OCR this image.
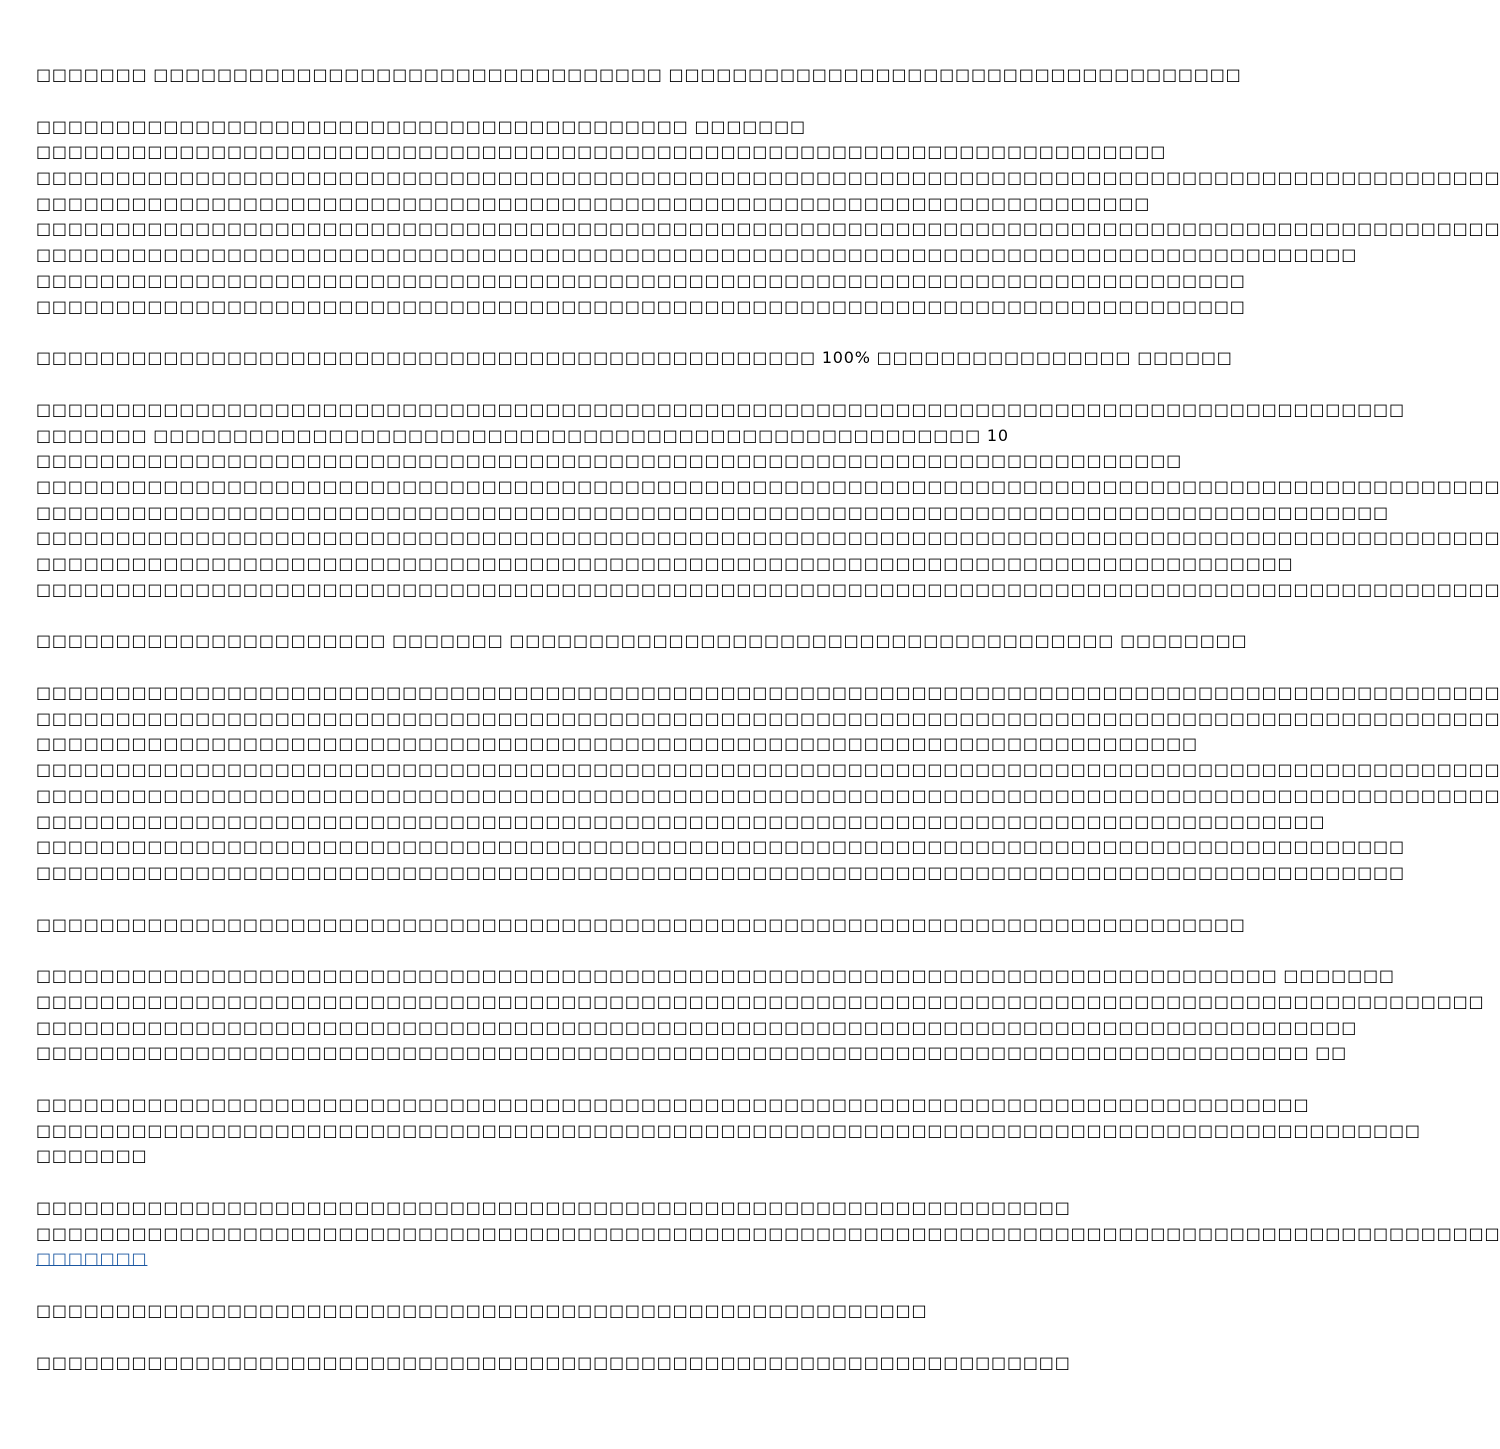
□□□□□□□ □□□□□□□□□□□□□□□□□□□□□□□□□□□□□□□□ □□□□□□□□□□□□□□□□□□□□□□□□□□□□□□□□□□□□
□□□□□□□□□□□□□□□□□□□□□□□□□□□□□□□□□□□□□□□□□ □□□□□□□
□□□□□□□□□□□□□□□□□□□□□□□□□□□□□□□□□□□□□□□□□□□□□□□□□□□□□□□□□□□□□□□□□□□□□□□
□□□□□□□□□□□□□□□□□□□□□□□□□□□□□□□□□□□□□□□□□□□□□□□□□□□□□□□□□□□□□□□□□□□□□□□□□□□□□□□□□□□□□□□□□□□□
□□□□□□□□□□□□□□□□□□□□□□□□□□□□□□□□□□□□□□□□□□□□□□□□□□□□□□□□□□□□□□□□□□□□□□
□□□□□□□□□□□□□□□□□□□□□□□□□□□□□□□□□□□□□□□□□□□□□□□□□□□□□□□□□□□□□□□□□□□□□□□□□□□□□□□□□□□□□□□□□□□□
□□□□□□□□□□□□□□□□□□□□□□□□□□□□□□□□□□□□□□□□□□□□□□□□□□□□□□□□□□□□□□□□□□□□□□□□□□□□□□□□□□□
□□□□□□□□□□□□□□□□□□□□□□□□□□□□□□□□□□□□□□□□□□□□□□□□□□□□□□□□□□□□□□□□□□□□□□□□□□□□
□□□□□□□□□□□□□□□□□□□□□□□□□□□□□□□□□□□□□□□□□□□□□□□□□□□□□□□□□□□□□□□□□□□□□□□□□□□□
□□□□□□□□□□□□□□□□□□□□□□□□□□□□□□□□□□□□□□□□□□□□□□□□□ 100% □□□□□□□□□□□□□□□□ □□□□□□
□□□□□□□□□□□□□□□□□□□□□□□□□□□□□□□□□□□□□□□□□□□□□□□□□□□□□□□□□□□□□□□□□□□□□□□□□□□□□□□□□□□□□□
□□□□□□□ □□□□□□□□□□□□□□□□□□□□□□□□□□□□□□□□□□□□□□□□□□□□□□□□□□□□ 10
□□□□□□□□□□□□□□□□□□□□□□□□□□□□□□□□□□□□□□□□□□□□□□□□□□□□□□□□□□□□□□□□□□□□□□□□
□□□□□□□□□□□□□□□□□□□□□□□□□□□□□□□□□□□□□□□□□□□□□□□□□□□□□□□□□□□□□□□□□□□□□□□□□□□□□□□□□□□□□□□□□□□□
□□□□□□□□□□□□□□□□□□□□□□□□□□□□□□□□□□□□□□□□□□□□□□□□□□□□□□□□□□□□□□□□□□□□□□□□□□□□□□□□□□□□□
□□□□□□□□□□□□□□□□□□□□□□□□□□□□□□□□□□□□□□□□□□□□□□□□□□□□□□□□□□□□□□□□□□□□□□□□□□□□□□□□□□□□□□□□□□□□
□□□□□□□□□□□□□□□□□□□□□□□□□□□□□□□□□□□□□□□□□□□□□□□□□□□□□□□□□□□□□□□□□□□□□□□□□□□□□□□
□□□□□□□□□□□□□□□□□□□□□□□□□□□□□□□□□□□□□□□□□□□□□□□□□□□□□□□□□□□□□□□□□□□□□□□□□□□□□□□□□□□□□□□□□□□□
□□□□□□□□□□□□□□□□□□□□□□ □□□□□□□ □□□□□□□□□□□□□□□□□□□□□□□□□□□□□□□□□□□□□□ □□□□□□□□
□□□□□□□□□□□□□□□□□□□□□□□□□□□□□□□□□□□□□□□□□□□□□□□□□□□□□□□□□□□□□□□□□□□□□□□□□□□□□□□□□□□□□□□□□□□□
□□□□□□□□□□□□□□□□□□□□□□□□□□□□□□□□□□□□□□□□□□□□□□□□□□□□□□□□□□□□□□□□□□□□□□□□□□□□□□□□□□□□□□□□□□□□
□□□□□□□□□□□□□□□□□□□□□□□□□□□□□□□□□□□□□□□□□□□□□□□□□□□□□□□□□□□□□□□□□□□□□□□□□
□□□□□□□□□□□□□□□□□□□□□□□□□□□□□□□□□□□□□□□□□□□□□□□□□□□□□□□□□□□□□□□□□□□□□□□□□□□□□□□□□□□□□□□□□□□□
□□□□□□□□□□□□□□□□□□□□□□□□□□□□□□□□□□□□□□□□□□□□□□□□□□□□□□□□□□□□□□□□□□□□□□□□□□□□□□□□□□□□□□□□□□□□
□□□□□□□□□□□□□□□□□□□□□□□□□□□□□□□□□□□□□□□□□□□□□□□□□□□□□□□□□□□□□□□□□□□□□□□□□□□□□□□□□
□□□□□□□□□□□□□□□□□□□□□□□□□□□□□□□□□□□□□□□□□□□□□□□□□□□□□□□□□□□□□□□□□□□□□□□□□□□□□□□□□□□□□□
□□□□□□□□□□□□□□□□□□□□□□□□□□□□□□□□□□□□□□□□□□□□□□□□□□□□□□□□□□□□□□□□□□□□□□□□□□□□□□□□□□□□□□
□□□□□□□□□□□□□□□□□□□□□□□□□□□□□□□□□□□□□□□□□□□□□□□□□□□□□□□□□□□□□□□□□□□□□□□□□□□□
□□□□□□□□□□□□□□□□□□□□□□□□□□□□□□□□□□□□□□□□□□□□□□□□□□□□□□□□□□□□□□□□□□□□□□□□□□□□□□ □□□□□□□
□□□□□□□□□□□□□□□□□□□□□□□□□□□□□□□□□□□□□□□□□□□□□□□□□□□□□□□□□□□□□□□□□□□□□□□□□□□□□□□□□□□□□□□□□□□
□□□□□□□□□□□□□□□□□□□□□□□□□□□□□□□□□□□□□□□□□□□□□□□□□□□□□□□□□□□□□□□□□□□□□□□□□□□□□□□□□□□
□□□□□□□□□□□□□□□□□□□□□□□□□□□□□□□□□□□□□□□□□□□□□□□□□□□□□□□□□□□□□□□□□□□□□□□□□□□□□□□□ □□
□□□□□□□□□□□□□□□□□□□□□□□□□□□□□□□□□□□□□□□□□□□□□□□□□□□□□□□□□□□□□□□□□□□□□□□□□□□□□□□□
□□□□□□□□□□□□□□□□□□□□□□□□□□□□□□□□□□□□□□□□□□□□□□□□□□□□□□□□□□□□□□□□□□□□□□□□□□□□□□□□□□□□□□□
□□□□□□□
□□□□□□□□□□□□□□□□□□□□□□□□□□□□□□□□□□□□□□□□□□□□□□□□□□□□□□□□□□□□□□□□□
□□□□□□□□□□□□□□□□□□□□□□□□□□□□□□□□□□□□□□□□□□□□□□□□□□□□□□□□□□□□□□□□□□□□□□□□□□□□□□□□□□□□□□□□□□□□
□□□□□□□
□□□□□□□□□□□□□□□□□□□□□□□□□□□□□□□□□□□□□□□□□□□□□□□□□□□□□□□□
□□□□□□□□□□□□□□□□□□□□□□□□□□□□□□□□□□□□□□□□□□□□□□□□□□□□□□□□□□□□□□□□□
